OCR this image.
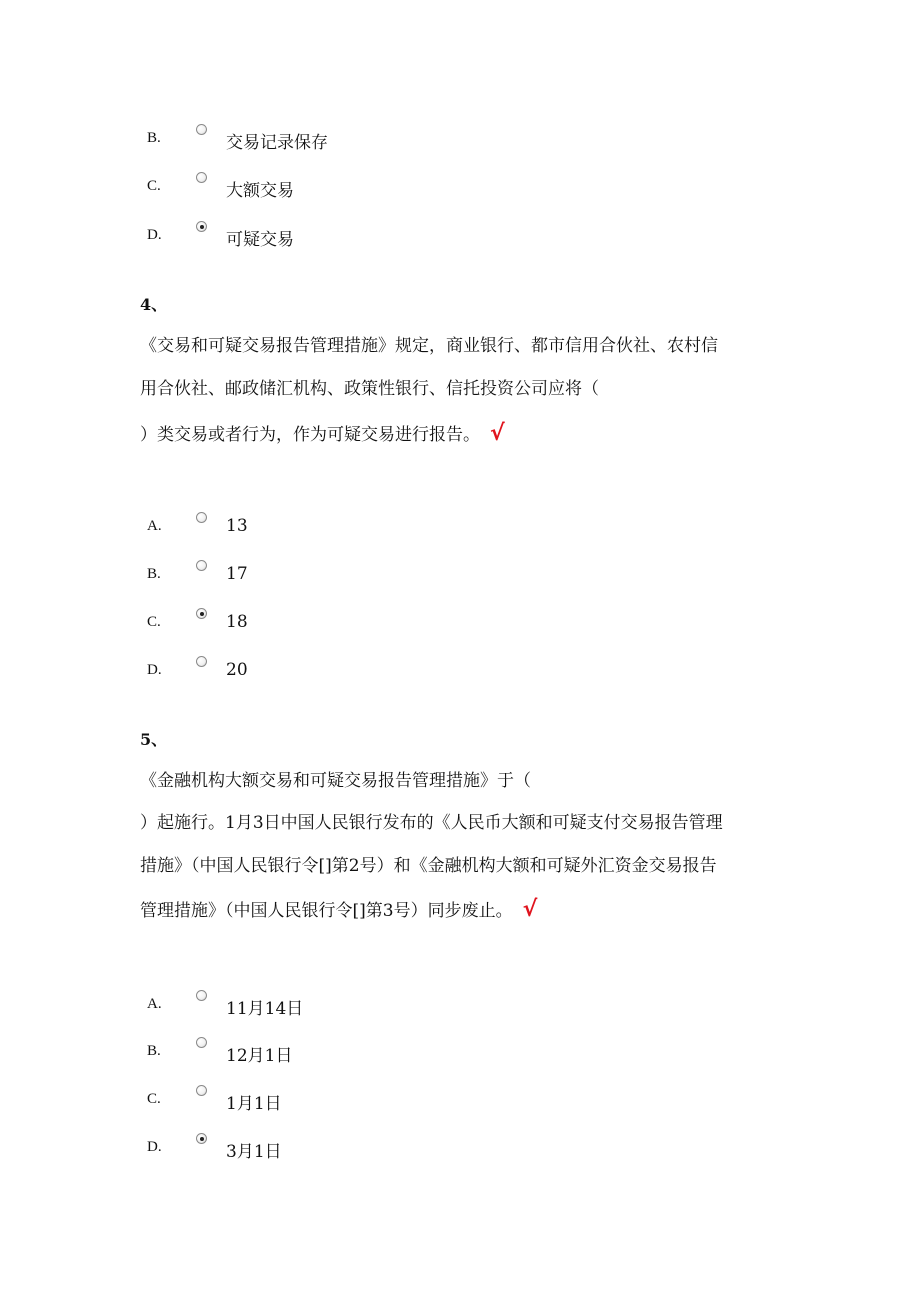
B.	交易记录保存
C.	大额交易
D.	可疑交易
4、
《交易和可疑交易报告管理措施》规定，商业银行、都市信用合伙社、农村信
用合伙社、邮政储汇机构、政策性银行、信托投资公司应将（
）类交易或者行为，作为可疑交易进行报告。 √
A.	13
B.	17
C.	18
D.	20
5、
《金融机构大额交易和可疑交易报告管理措施》于（
）起施行。1月3日中国人民银行发布的《人民币大额和可疑支付交易报告管理
措施》（中国人民银行令[]第2号）和《金融机构大额和可疑外汇资金交易报告
管理措施》（中国人民银行令[]第3号）同步废止。 √
A.	11月14日
B.	12月1日
C.	1月1日
D.	3月1日
